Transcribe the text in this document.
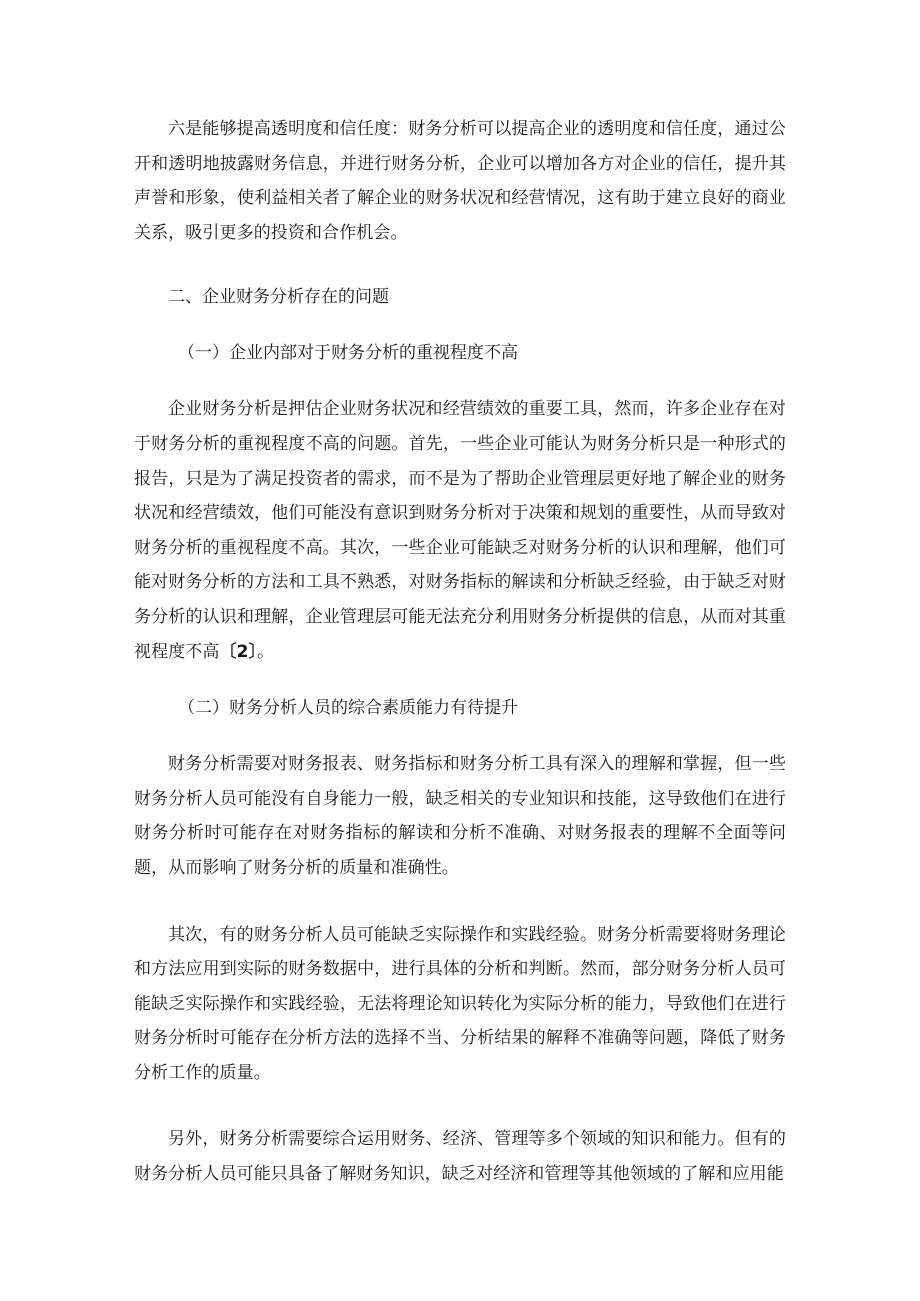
六是能够提高透明度和信任度：财务分析可以提高企业的透明度和信任度，通过公开和透明地披露财务信息，并进行财务分析，企业可以增加各方对企业的信任，提升其声誉和形象，使利益相关者了解企业的财务状况和经营情况，这有助于建立良好的商业关系，吸引更多的投资和合作机会。

二、企业财务分析存在的问题

（一）企业内部对于财务分析的重视程度不高

企业财务分析是押估企业财务状况和经营绩效的重要工具，然而，许多企业存在对于财务分析的重视程度不高的问题。首先，一些企业可能认为财务分析只是一种形式的报告，只是为了满足投资者的需求，而不是为了帮助企业管理层更好地了解企业的财务状况和经营绩效，他们可能没有意识到财务分析对于决策和规划的重要性，从而导致对财务分析的重视程度不高。其次，一些企业可能缺乏对财务分析的认识和理解，他们可能对财务分析的方法和工具不熟悉，对财务指标的解读和分析缺乏经验，由于缺乏对财务分析的认识和理解，企业管理层可能无法充分利用财务分析提供的信息，从而对其重视程度不高〔2〕。

（二）财务分析人员的综合素质能力有待提升

财务分析需要对财务报表、财务指标和财务分析工具有深入的理解和掌握，但一些财务分析人员可能没有自身能力一般，缺乏相关的专业知识和技能，这导致他们在进行财务分析时可能存在对财务指标的解读和分析不准确、对财务报表的理解不全面等问题，从而影响了财务分析的质量和准确性。

其次，有的财务分析人员可能缺乏实际操作和实践经验。财务分析需要将财务理论和方法应用到实际的财务数据中，进行具体的分析和判断。然而，部分财务分析人员可能缺乏实际操作和实践经验，无法将理论知识转化为实际分析的能力，导致他们在进行财务分析时可能存在分析方法的选择不当、分析结果的解释不准确等问题，降低了财务分析工作的质量。

另外，财务分析需要综合运用财务、经济、管理等多个领域的知识和能力。但有的财务分析人员可能只具备了解财务知识，缺乏对经济和管理等其他领域的了解和应用能
